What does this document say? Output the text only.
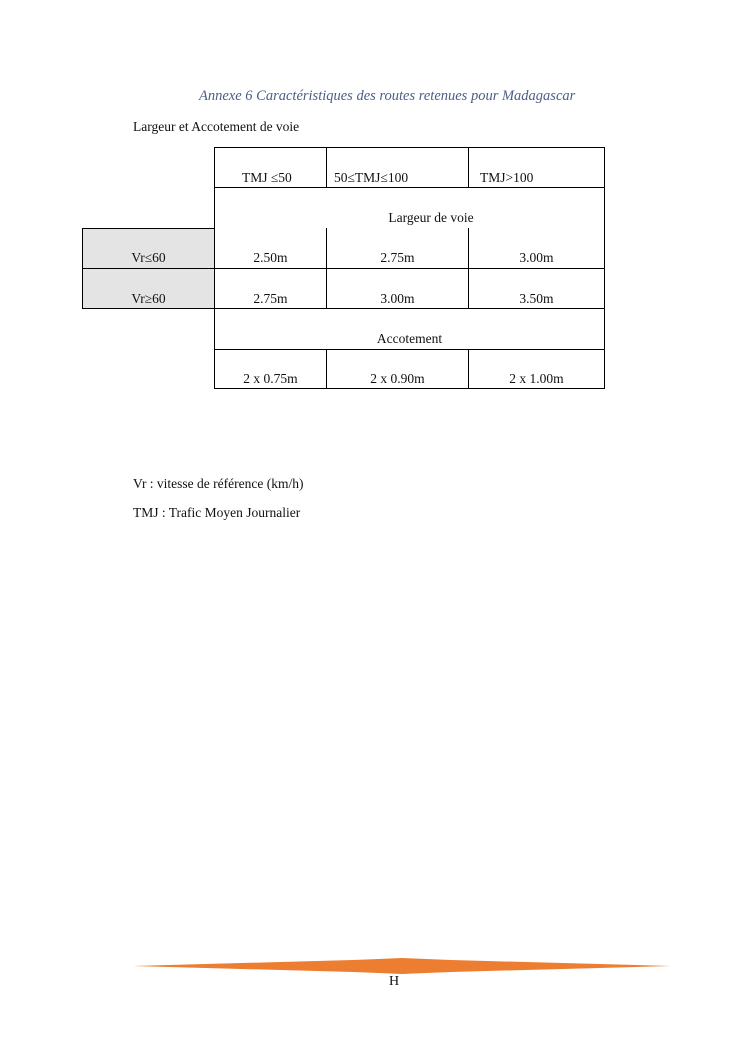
Annexe 6 Caractéristiques des routes retenues pour Madagascar
Largeur et Accotement de voie
TMJ ≤50	50≤TMJ≤100	TMJ>100
Largeur de voie
Vr≤60	2.50m	2.75m	3.00m
Vr≥60	2.75m	3.00m	3.50m
Accotement
2 x 0.75m	2 x 0.90m	2 x 1.00m
Vr : vitesse de référence (km/h)
TMJ : Trafic Moyen Journalier
H
